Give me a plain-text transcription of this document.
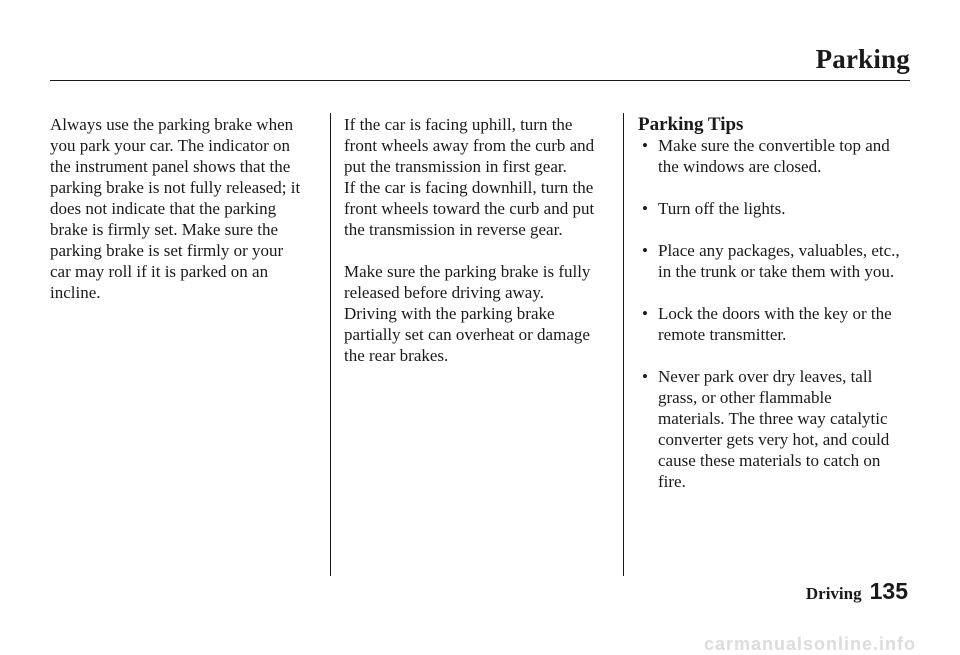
Parking

Always use the parking brake when
you park your car. The indicator on
the instrument panel shows that the
parking brake is not fully released; it
does not indicate that the parking
brake is firmly set. Make sure the
parking brake is set firmly or your
car may roll if it is parked on an
incline.

If the car is facing uphill, turn the
front wheels away from the curb and
put the transmission in first gear.
If the car is facing downhill, turn the
front wheels toward the curb and put
the transmission in reverse gear.

Make sure the parking brake is fully
released before driving away.
Driving with the parking brake
partially set can overheat or damage
the rear brakes.

Parking Tips
• Make sure the convertible top and
the windows are closed.
• Turn off the lights.
• Place any packages, valuables, etc.,
in the trunk or take them with you.
• Lock the doors with the key or the
remote transmitter.
• Never park over dry leaves, tall
grass, or other flammable
materials. The three way catalytic
converter gets very hot, and could
cause these materials to catch on
fire.
Driving 135
carmanualsonline.info
